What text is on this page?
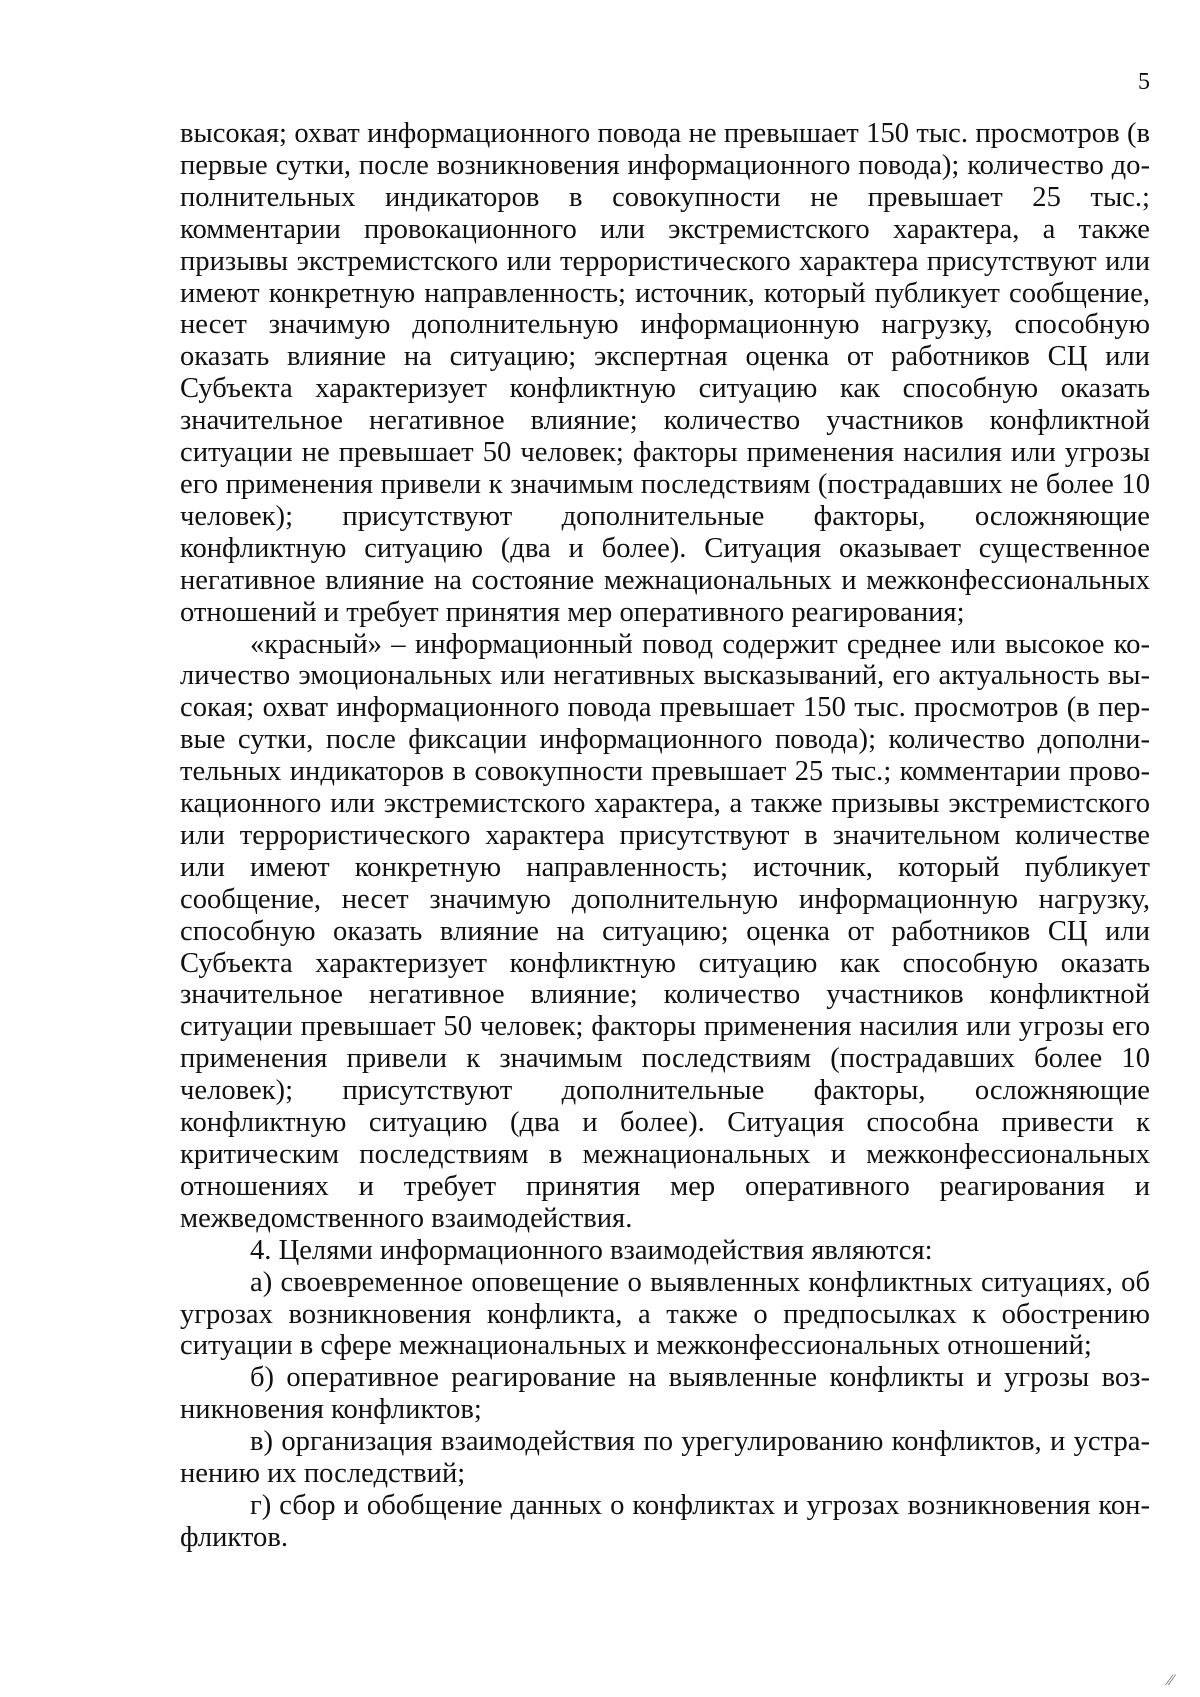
5

высокая; охват информационного повода не превышает 150 тыс. просмотров (в первые сутки, после возникновения информационного повода); количество дополнительных индикаторов в совокупности не превышает 25 тыс.; комментарии провокационного или экстремистского характера, а также призывы экстремистского или террористического характера присутствуют или имеют конкретную направленность; источник, который публикует сообщение, несет значимую дополнительную информационную нагрузку, способную оказать влияние на ситуацию; экспертная оценка от работников СЦ или Субъекта характеризует конфликтную ситуацию как способную оказать значительное негативное влияние; количество участников конфликтной ситуации не превышает 50 человек; факторы применения насилия или угрозы его применения привели к значимым последствиям (пострадавших не более 10 человек); присутствуют дополнительные факторы, осложняющие конфликтную ситуацию (два и более). Ситуация оказывает существенное негативное влияние на состояние межнациональных и межконфессиональных отношений и требует принятия мер оперативного реагирования;

«красный» – информационный повод содержит среднее или высокое количество эмоциональных или негативных высказываний, его актуальность высокая; охват информационного повода превышает 150 тыс. просмотров (в первые сутки, после фиксации информационного повода); количество дополнительных индикаторов в совокупности превышает 25 тыс.; комментарии провокационного или экстремистского характера, а также призывы экстремистского или террористического характера присутствуют в значительном количестве или имеют конкретную направленность; источник, который публикует сообщение, несет значимую дополнительную информационную нагрузку, способную оказать влияние на ситуацию; оценка от работников СЦ или Субъекта характеризует конфликтную ситуацию как способную оказать значительное негативное влияние; количество участников конфликтной ситуации превышает 50 человек; факторы применения насилия или угрозы его применения привели к значимым последствиям (пострадавших более 10 человек); присутствуют дополнительные факторы, осложняющие конфликтную ситуацию (два и более). Ситуация способна привести к критическим последствиям в межнациональных и межконфессиональных отношениях и требует принятия мер оперативного реагирования и межведомственного взаимодействия.

4. Целями информационного взаимодействия являются:

а) своевременное оповещение о выявленных конфликтных ситуациях, об угрозах возникновения конфликта, а также о предпосылках к обострению ситуации в сфере межнациональных и межконфессиональных отношений;

б) оперативное реагирование на выявленные конфликты и угрозы возникновения конфликтов;

в) организация взаимодействия по урегулированию конфликтов, и устранению их последствий;

г) сбор и обобщение данных о конфликтах и угрозах возникновения конфликтов.

⁄⁄
